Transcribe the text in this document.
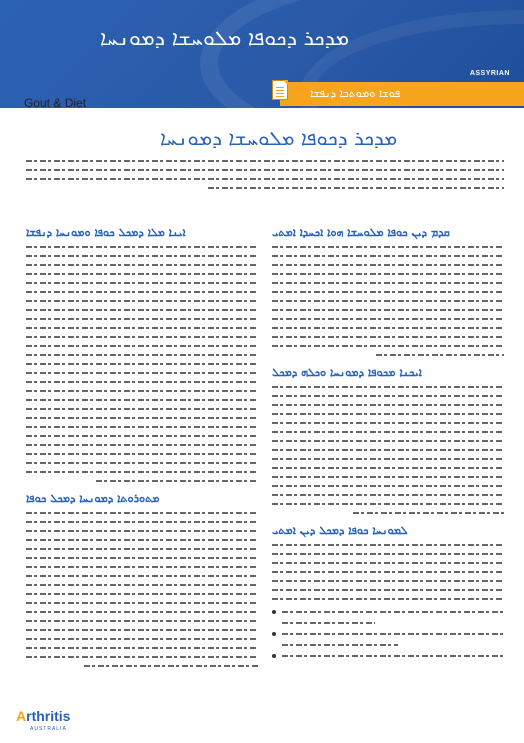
ܡܕܟܪ ܕܟܘܦܐ ܡܠܘܚܫܐ ܕܡܘܢܚܐ
ASSYRIAN
ܦܘܫܐ ܘܡܘܬܒܐ ܕܢܦܫܐ
Gout & Diet
ܡܕܟܪ ܕܟܘܦܐ ܡܠܘܚܫܐ ܕܡܘܢܚܐ
ܐܝܢܐ ܡܠܐ ܕܡܟܠ ܟܘܦܐ ܘܡܘܢܚܐ ܕܢܦܫܐ
ܡܬܘܪܘܬܐ ܕܡܘܢܚܐ ܕܡܟܠ ܟܘܦܐ
ܩܕܡ ܕܝܢ ܟܘܦܐ ܡܠܘܚܫܐ ܗܘܐ ܐܟܚܕܐ ܐܡܬܝ
ܐܝܟܢܐ ܡܟܘܦܐ ܕܡܘܢܚܐ ܘܟܠܗ ܕܡܟܠ
ܠܡܘܢܚܐ ܟܘܦܐ ܕܡܟܠ ܕܝܢ ܐܡܬܝ
Arthritis
AUSTRALIA
